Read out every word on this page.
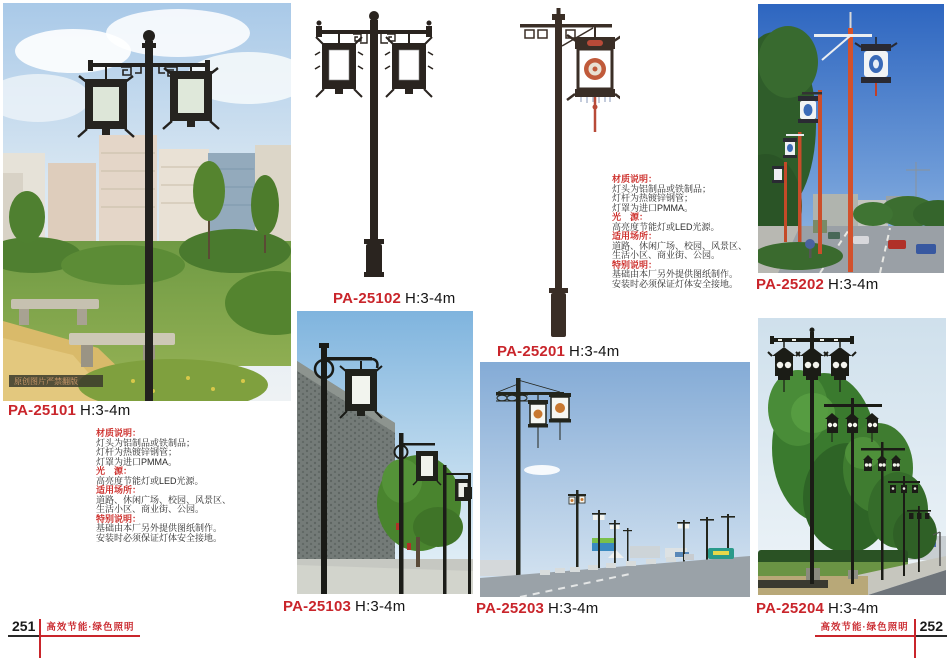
原创图片严禁翻版
PA-25101 H:3-4m
PA-25102 H:3-4m
PA-25103 H:3-4m
PA-25201 H:3-4m
PA-25202 H:3-4m
PA-25203 H:3-4m	PA-25204 H:3-4m
材质说明：
灯头为铝制品或铁制品；
灯杆为热镀锌钢管；
灯罩为进口PMMA。
光　源：
高亮度节能灯或LED光源。
适用场所：
道路、休闲广场、校园、风景区、
生活小区、商业街、公园。
特别说明：
基础由本厂另外提供图纸制作。
安装时必须保证灯体安全接地。
材质说明：
灯头为铝制品或铁制品；
灯杆为热镀锌钢管；
灯罩为进口PMMA。
光　源：
高亮度节能灯或LED光源。
适用场所：
道路、休闲广场、校园、风景区、
生活小区、商业街、公园。
特别说明：
基础由本厂另外提供图纸制作。
安装时必须保证灯体安全接地。
251	高效节能·绿色照明	高效节能·绿色照明 252
